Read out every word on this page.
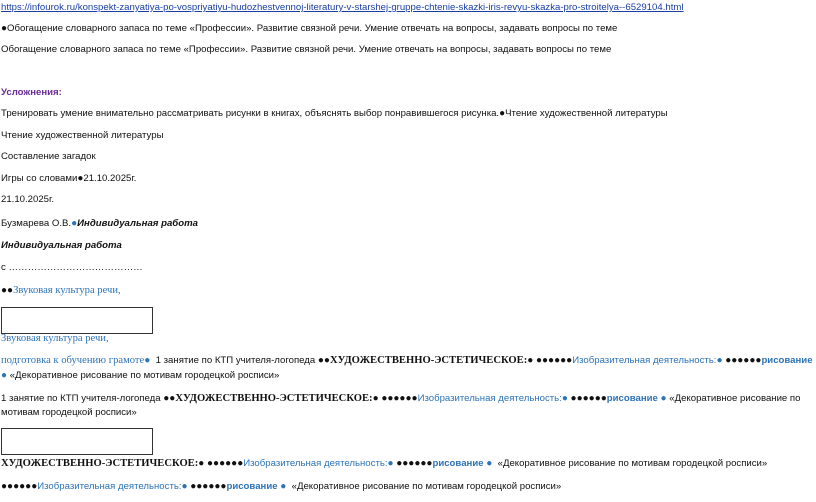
https://infourok.ru/konspekt-zanyatiya-po-vospriyatiyu-hudozhestvennoj-literatury-v-starshej-gruppe-chtenie-skazki-iris-revyu-skazka-pro-stroitelya--6529104.html
●Обогащение словарного запаса по теме «Профессии». Развитие связной речи. Умение отвечать на вопросы, задавать вопросы по теме
Обогащение словарного запаса по теме «Профессии». Развитие связной речи. Умение отвечать на вопросы, задавать вопросы по теме
Усложнения:
Тренировать умение внимательно рассматривать рисунки в книгах, объяснять выбор понравившегося рисунка.●Чтение художественной литературы
Чтение художественной литературы
Составление загадок
Игры со словами●21.10.2025г.
21.10.2025г.
Бузмарева О.В.●Индивидуальная работа
Индивидуальная работа
с ……………………………………
●●Звуковая культура речи,
Звуковая культура речи,
подготовка к обучению грамоте● 1 занятие по КТП учителя-логопеда ●●ХУДОЖЕСТВЕННО-ЭСТЕТИЧЕСКОЕ:● ●●●●●●Изобразительная деятельность:● ●●●●●●рисование
● «Декоративное рисование по мотивам городецкой росписи»
1 занятие по КТП учителя-логопеда ●●ХУДОЖЕСТВЕННО-ЭСТЕТИЧЕСКОЕ:● ●●●●●●Изобразительная деятельность:● ●●●●●●рисование ● «Декоративное рисование по
мотивам городецкой росписи»
ХУДОЖЕСТВЕННО-ЭСТЕТИЧЕСКОЕ:● ●●●●●●Изобразительная деятельность:● ●●●●●●рисование ● «Декоративное рисование по мотивам городецкой росписи»
●●●●●●Изобразительная деятельность:● ●●●●●●рисование ● «Декоративное рисование по мотивам городецкой росписи»
